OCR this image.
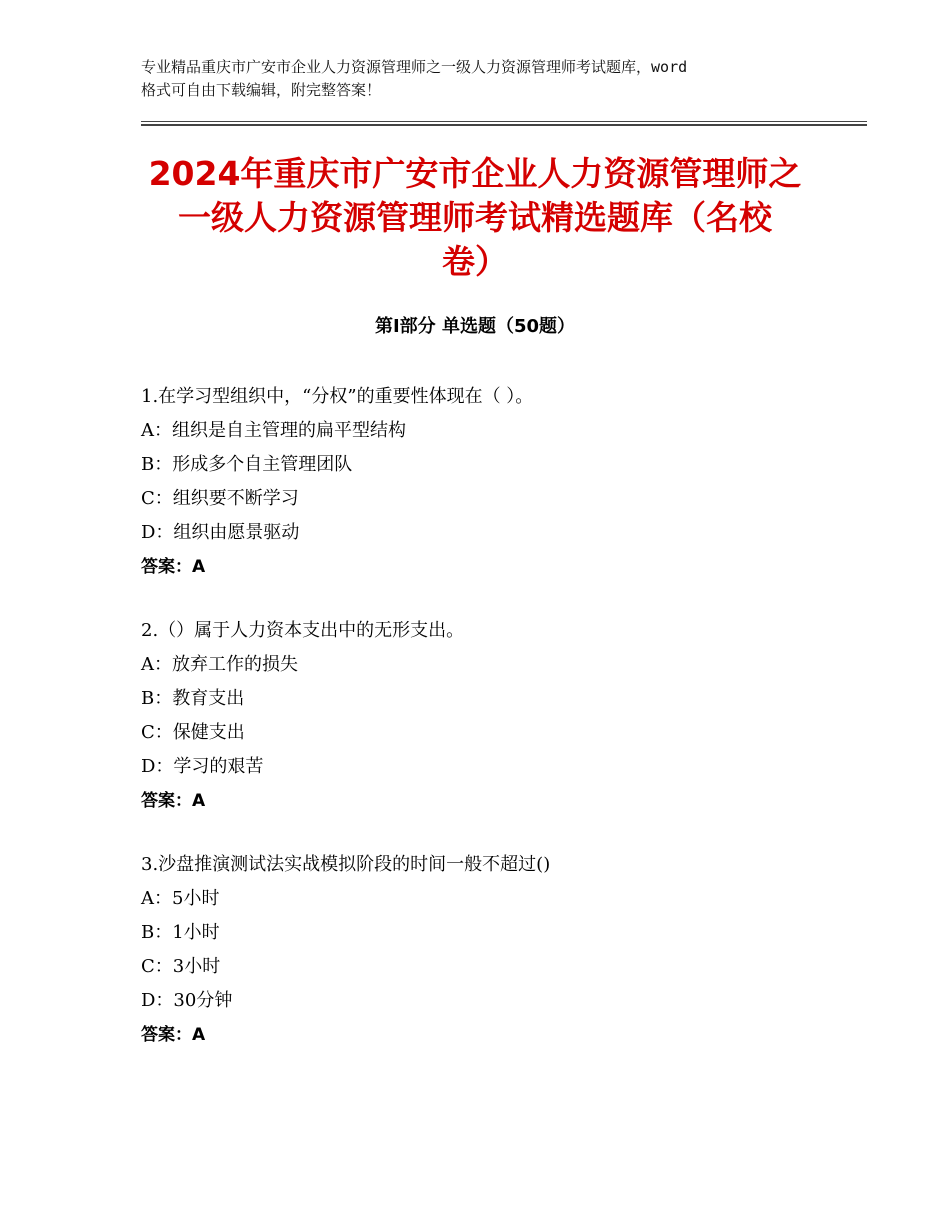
专业精品重庆市广安市企业人力资源管理师之一级人力资源管理师考试题库，word
格式可自由下载编辑，附完整答案！
2024年重庆市广安市企业人力资源管理师之
一级人力资源管理师考试精选题库（名校
卷）
第Ⅰ部分 单选题（50题）
1.在学习型组织中，“分权”的重要性体现在（ ）。
A：组织是自主管理的扁平型结构
B：形成多个自主管理团队
C：组织要不断学习
D：组织由愿景驱动
答案：A
2.（）属于人力资本支出中的无形支出。
A：放弃工作的损失
B：教育支出
C：保健支出
D：学习的艰苦
答案：A
3.沙盘推演测试法实战模拟阶段的时间一般不超过()
A：5小时
B：1小时
C：3小时
D：30分钟
答案：A
